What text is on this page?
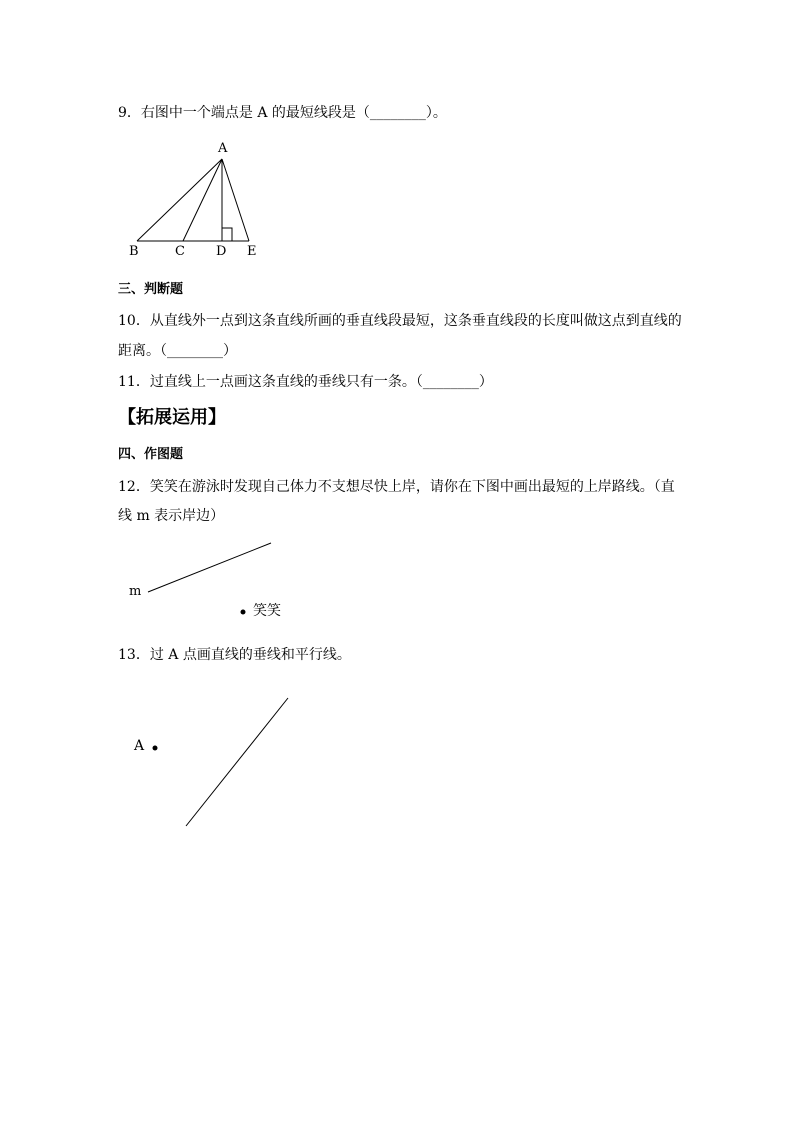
9．右图中一个端点是 A 的最短线段是（________）。
A
B	C D E
三、判断题
10．从直线外一点到这条直线所画的垂直线段最短，这条垂直线段的长度叫做这点到直线的
距离。（________）
11．过直线上一点画这条直线的垂线只有一条。（________）
【拓展运用】
四、作图题
12．笑笑在游泳时发现自己体力不支想尽快上岸，请你在下图中画出最短的上岸路线。（直
线 m 表示岸边）
m
笑笑
13．过 A 点画直线的垂线和平行线。
A
